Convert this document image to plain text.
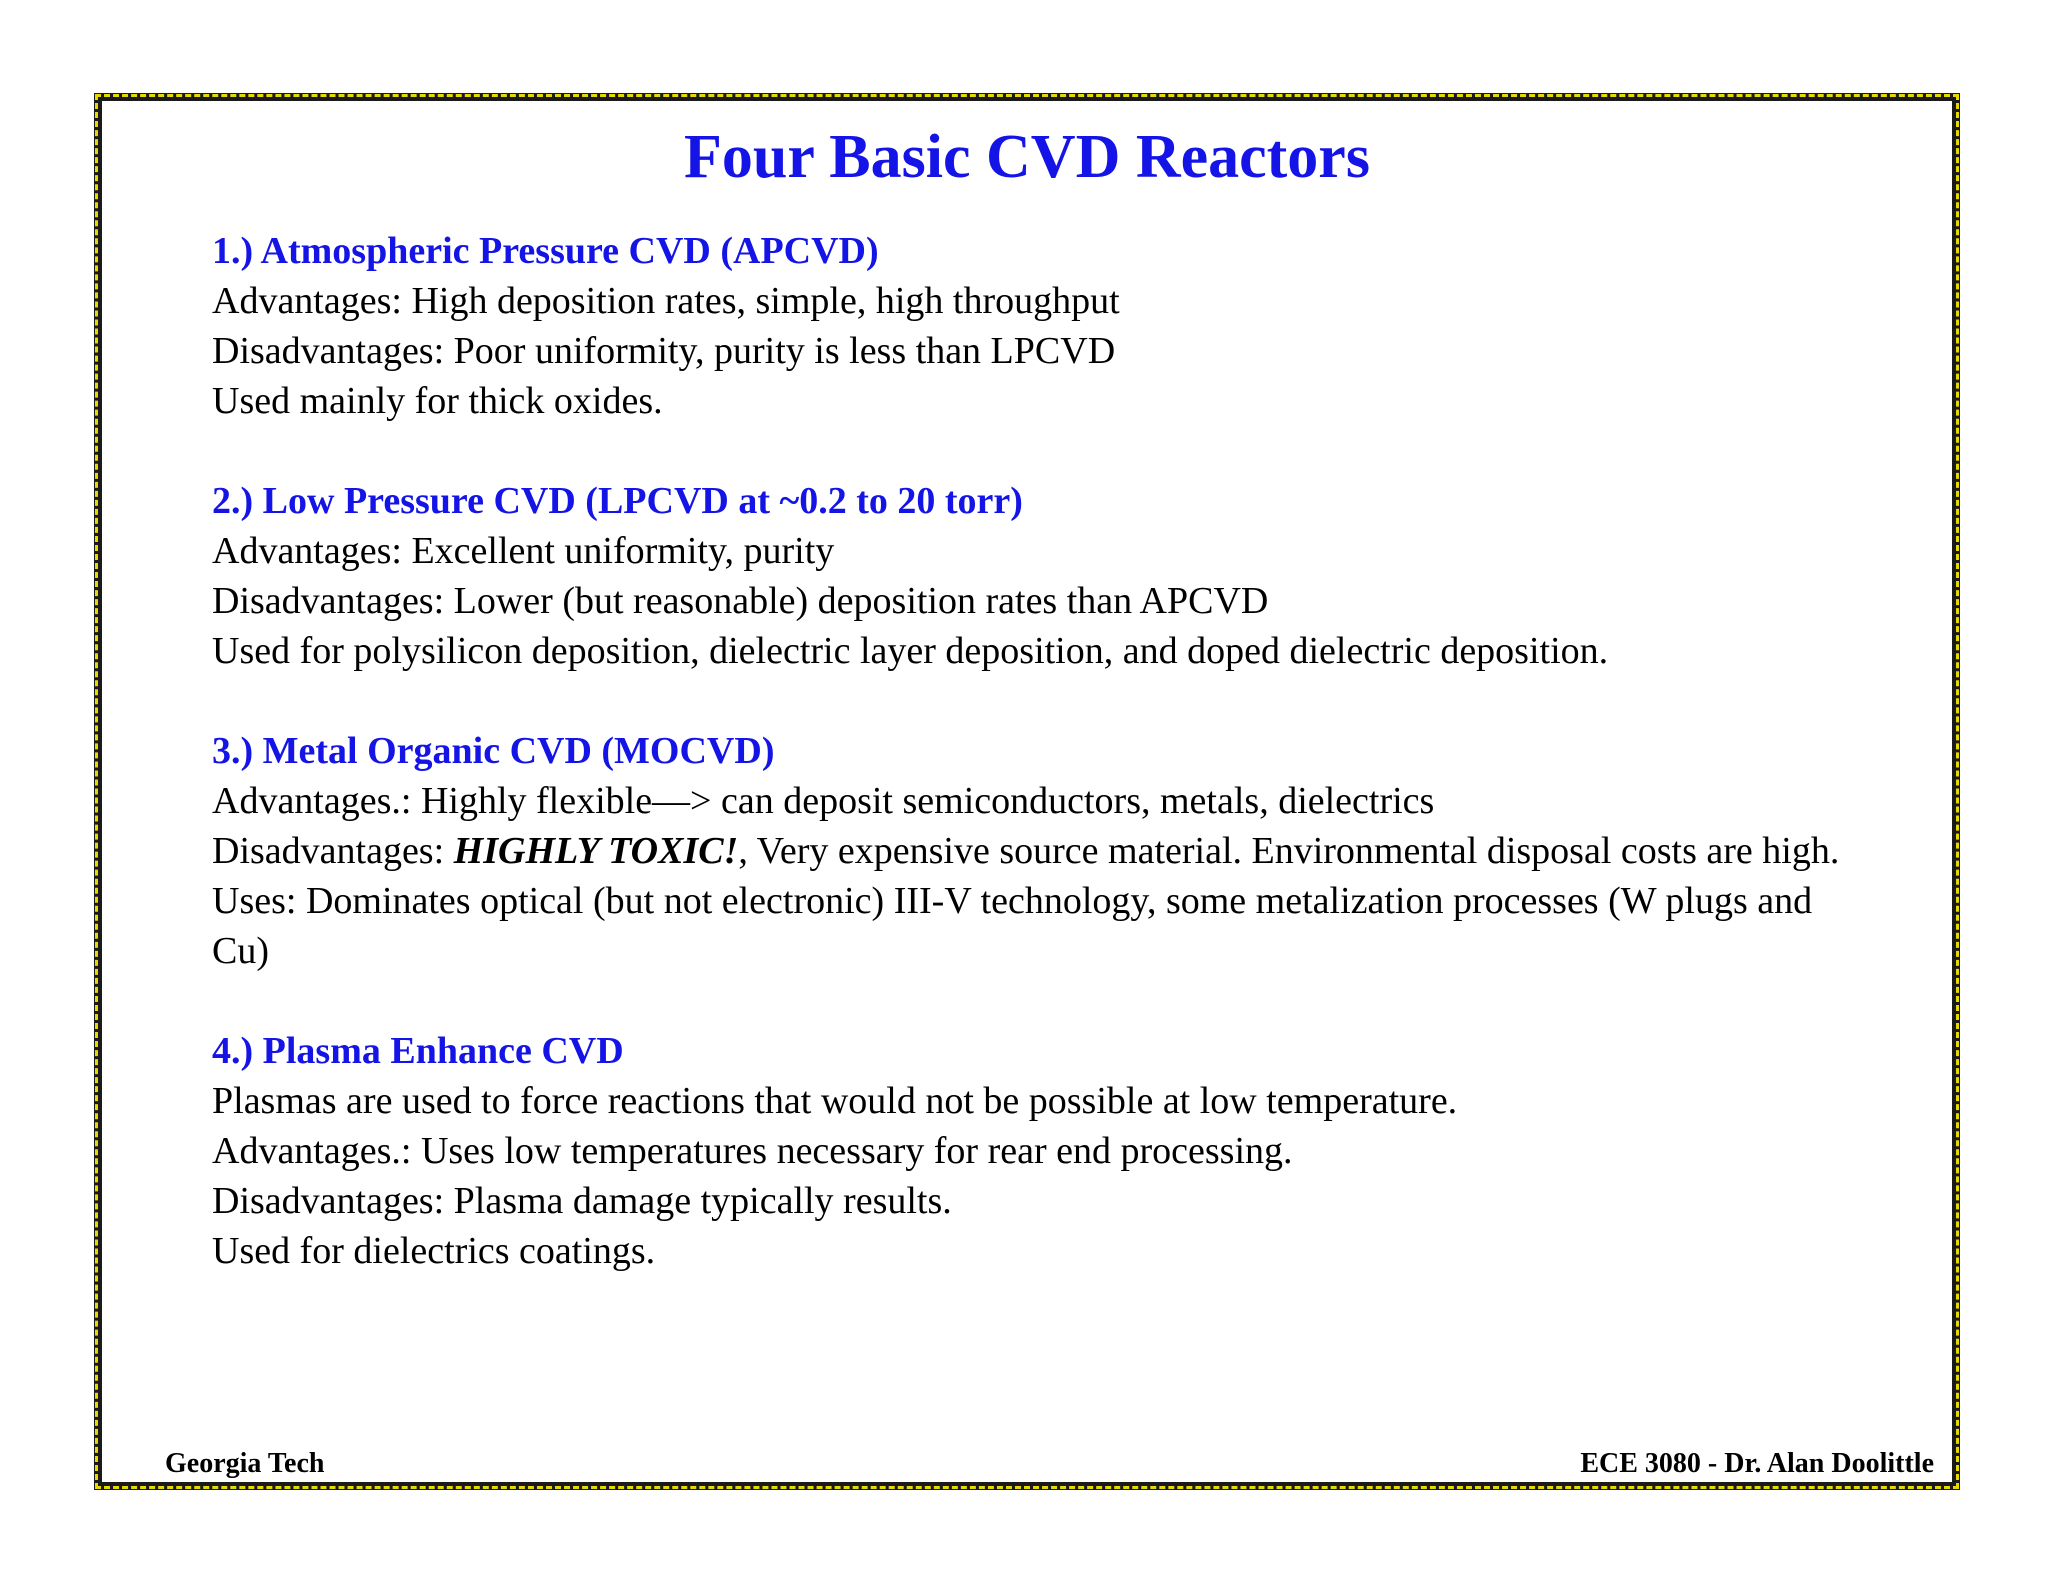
Four Basic CVD Reactors
1.) Atmospheric Pressure CVD (APCVD)
Advantages: High deposition rates, simple, high throughput
Disadvantages: Poor uniformity, purity is less than LPCVD
Used mainly for thick oxides.
2.) Low Pressure CVD (LPCVD at ~0.2 to 20 torr)
Advantages: Excellent uniformity, purity
Disadvantages: Lower (but reasonable) deposition rates than APCVD
Used for polysilicon deposition, dielectric layer deposition, and doped dielectric deposition.
3.) Metal Organic CVD (MOCVD)
Advantages.: Highly flexible—> can deposit semiconductors, metals, dielectrics
Disadvantages: HIGHLY TOXIC!, Very expensive source material. Environmental disposal costs are high.
Uses: Dominates optical (but not electronic) III-V technology, some metalization processes (W plugs and Cu)
4.) Plasma Enhance CVD
Plasmas are used to force reactions that would not be possible at low temperature.
Advantages.: Uses low temperatures necessary for rear end processing.
Disadvantages: Plasma damage typically results.
Used for dielectrics coatings.
Georgia Tech	ECE 3080 - Dr. Alan Doolittle
